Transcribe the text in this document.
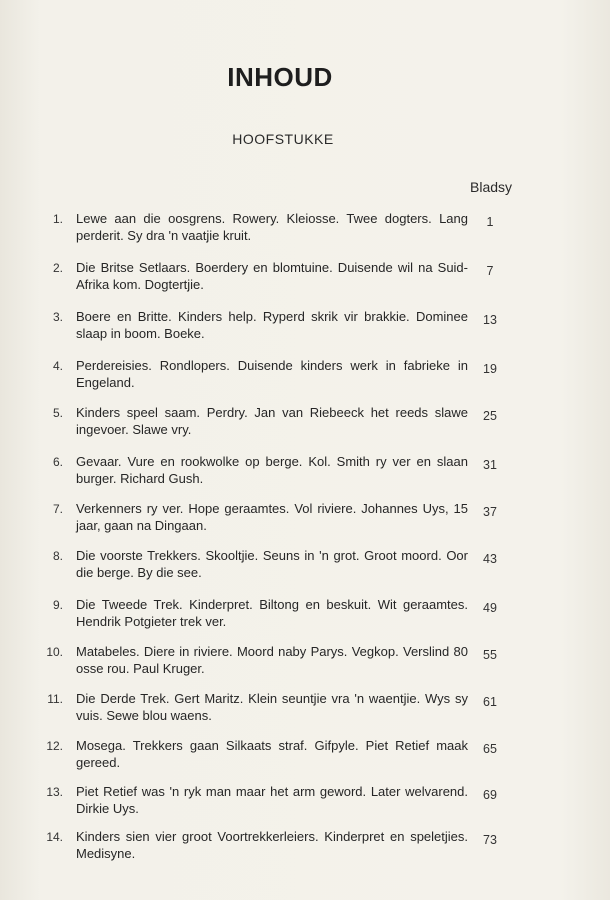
INHOUD
HOOFSTUKKE
Bladsy
1. Lewe aan die oosgrens. Rowery. Kleiosse. Twee dogters. Lang perderit. Sy dra 'n vaatjie kruit.
1
2. Die Britse Setlaars. Boerdery en blomtuine. Duisende wil na Suid-Afrika kom. Dogtertjie.
7
3. Boere en Britte. Kinders help. Ryperd skrik vir brakkie. Dominee slaap in boom. Boeke.
13
4. Perdereisies. Rondlopers. Duisende kinders werk in fabrieke in Engeland.
19
5. Kinders speel saam. Perdry. Jan van Riebeeck het reeds slawe ingevoer. Slawe vry.
25
6. Gevaar. Vure en rookwolke op berge. Kol. Smith ry ver en slaan burger. Richard Gush.
31
7. Verkenners ry ver. Hope geraamtes. Vol riviere. Johannes Uys, 15 jaar, gaan na Dingaan.
37
8. Die voorste Trekkers. Skooltjie. Seuns in 'n grot. Groot moord. Oor die berge. By die see.
43
9. Die Tweede Trek. Kinderpret. Biltong en beskuit. Wit geraamtes. Hendrik Potgieter trek ver.
49
10. Matabeles. Diere in riviere. Moord naby Parys. Vegkop. Verslind 80 osse rou. Paul Kruger.
55
11. Die Derde Trek. Gert Maritz. Klein seuntjie vra 'n waentjie. Wys sy vuis. Sewe blou waens.
61
12. Mosega. Trekkers gaan Silkaats straf. Gifpyle. Piet Retief maak gereed.
65
13. Piet Retief was 'n ryk man maar het arm geword. Later welvarend. Dirkie Uys.
69
14. Kinders sien vier groot Voortrekkerleiers. Kinderpret en speletjies. Medisyne.
73
